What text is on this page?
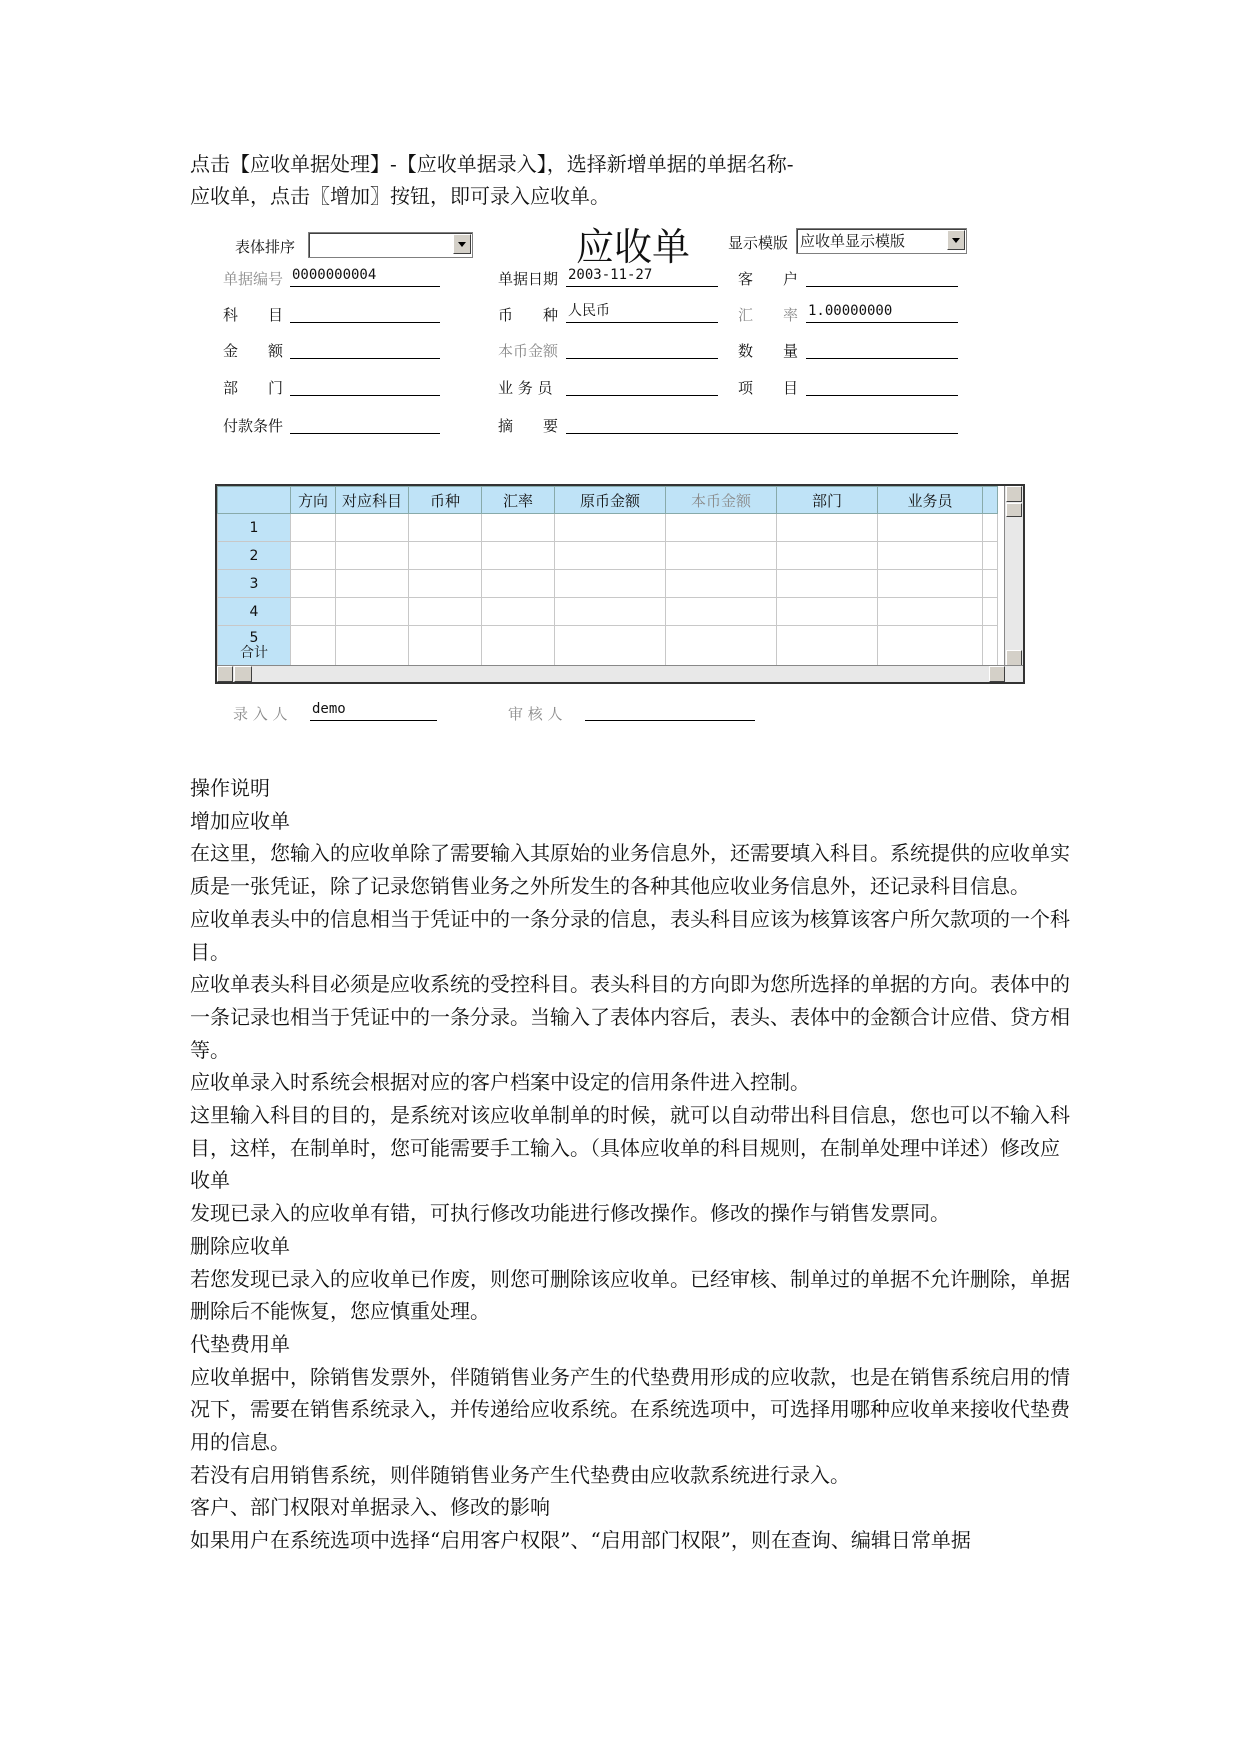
点击【应收单据处理】-【应收单据录入】，选择新增单据的单据名称-
应收单，点击〖增加〗按钮，即可录入应收单。
表体排序	应收单	显示模版 应收单显示模版
单据编号 0000000004	单据日期 2003-11-27	客　　户
科　　目	币　　种 人民币	汇　　率 1.00000000
金　　额	本币金额	数　　量
部　　门	业 务 员	项　　目
付款条件	摘　　要
	方向	对应科目	币种	汇率	原币金额	本币金额	部门	业务员	
1									
2									
3									
4									
5
合计									
录 入 人 demo	审 核 人

操作说明

增加应收单

在这里，您输入的应收单除了需要输入其原始的业务信息外，还需要填入科目。系统提供的应收单实质是一张凭证，除了记录您销售业务之外所发生的各种其他应收业务信息外，还记录科目信息。

应收单表头中的信息相当于凭证中的一条分录的信息，表头科目应该为核算该客户所欠款项的一个科目。

应收单表头科目必须是应收系统的受控科目。表头科目的方向即为您所选择的单据的方向。表体中的一条记录也相当于凭证中的一条分录。当输入了表体内容后，表头、表体中的金额合计应借、贷方相等。

应收单录入时系统会根据对应的客户档案中设定的信用条件进入控制。

这里输入科目的目的，是系统对该应收单制单的时候，就可以自动带出科目信息，您也可以不输入科目，这样，在制单时，您可能需要手工输入。（具体应收单的科目规则，在制单处理中详述）修改应收单

发现已录入的应收单有错，可执行修改功能进行修改操作。修改的操作与销售发票同。

删除应收单

若您发现已录入的应收单已作废，则您可删除该应收单。已经审核、制单过的单据不允许删除，单据删除后不能恢复，您应慎重处理。

代垫费用单

应收单据中，除销售发票外，伴随销售业务产生的代垫费用形成的应收款，也是在销售系统启用的情况下，需要在销售系统录入，并传递给应收系统。在系统选项中，可选择用哪种应收单来接收代垫费用的信息。

若没有启用销售系统，则伴随销售业务产生代垫费由应收款系统进行录入。

客户、部门权限对单据录入、修改的影响

如果用户在系统选项中选择“启用客户权限”、“启用部门权限”，则在查询、编辑日常单据
